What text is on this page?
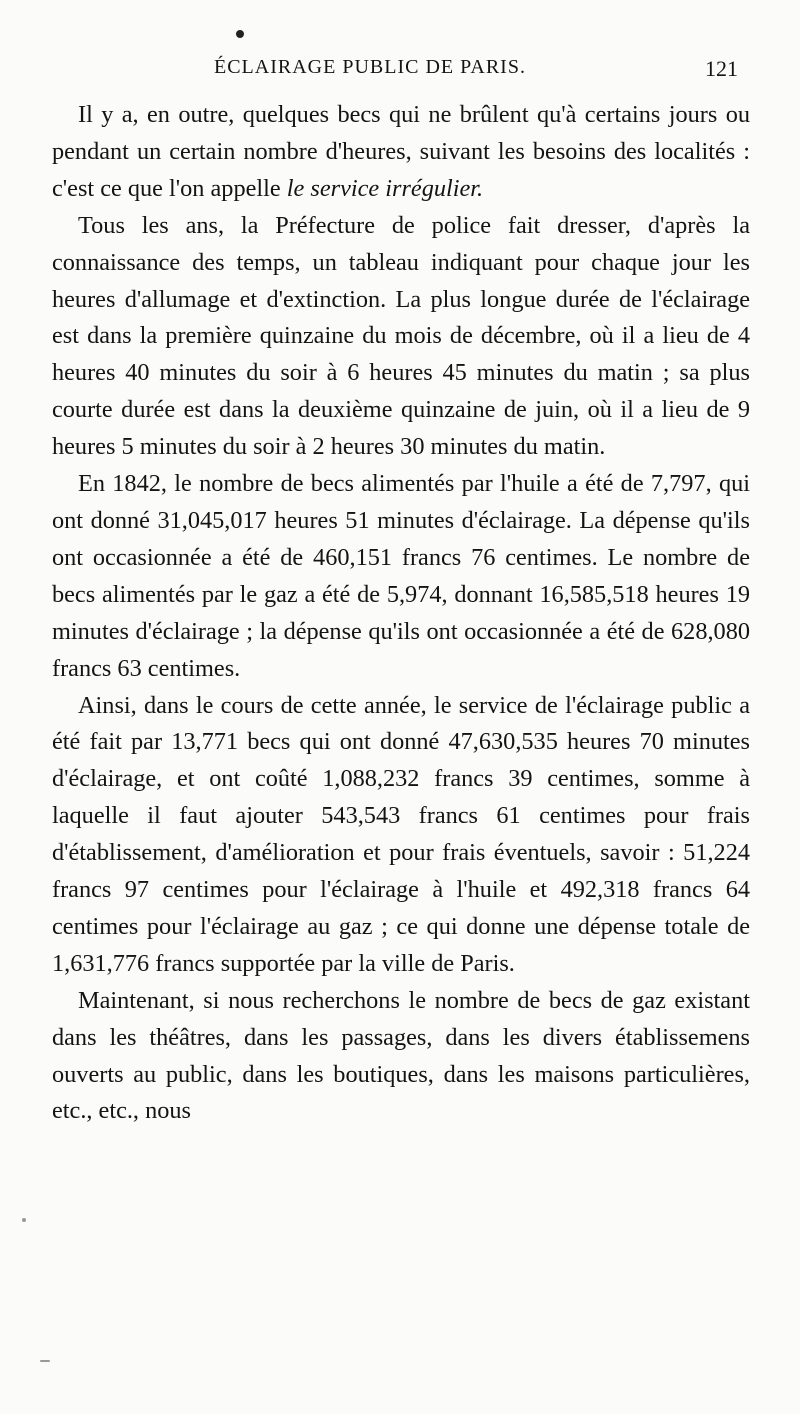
ÉCLAIRAGE PUBLIC DE PARIS.	121

Il y a, en outre, quelques becs qui ne brûlent qu'à certains jours ou pendant un certain nombre d'heures, suivant les besoins des localités : c'est ce que l'on appelle le service irrégulier.

Tous les ans, la Préfecture de police fait dresser, d'après la connaissance des temps, un tableau indiquant pour chaque jour les heures d'allumage et d'extinction. La plus longue durée de l'éclairage est dans la première quinzaine du mois de décembre, où il a lieu de 4 heures 40 minutes du soir à 6 heures 45 minutes du matin ; sa plus courte durée est dans la deuxième quinzaine de juin, où il a lieu de 9 heures 5 minutes du soir à 2 heures 30 minutes du matin.

En 1842, le nombre de becs alimentés par l'huile a été de 7,797, qui ont donné 31,045,017 heures 51 minutes d'éclairage. La dépense qu'ils ont occasionnée a été de 460,151 francs 76 centimes. Le nombre de becs alimentés par le gaz a été de 5,974, donnant 16,585,518 heures 19 minutes d'éclairage ; la dépense qu'ils ont occasionnée a été de 628,080 francs 63 centimes.

Ainsi, dans le cours de cette année, le service de l'éclairage public a été fait par 13,771 becs qui ont donné 47,630,535 heures 70 minutes d'éclairage, et ont coûté 1,088,232 francs 39 centimes, somme à laquelle il faut ajouter 543,543 francs 61 centimes pour frais d'établissement, d'amélioration et pour frais éventuels, savoir : 51,224 francs 97 centimes pour l'éclairage à l'huile et 492,318 francs 64 centimes pour l'éclairage au gaz ; ce qui donne une dépense totale de 1,631,776 francs supportée par la ville de Paris.

Maintenant, si nous recherchons le nombre de becs de gaz existant dans les théâtres, dans les passages, dans les divers établissemens ouverts au public, dans les boutiques, dans les maisons particulières, etc., etc., nous
